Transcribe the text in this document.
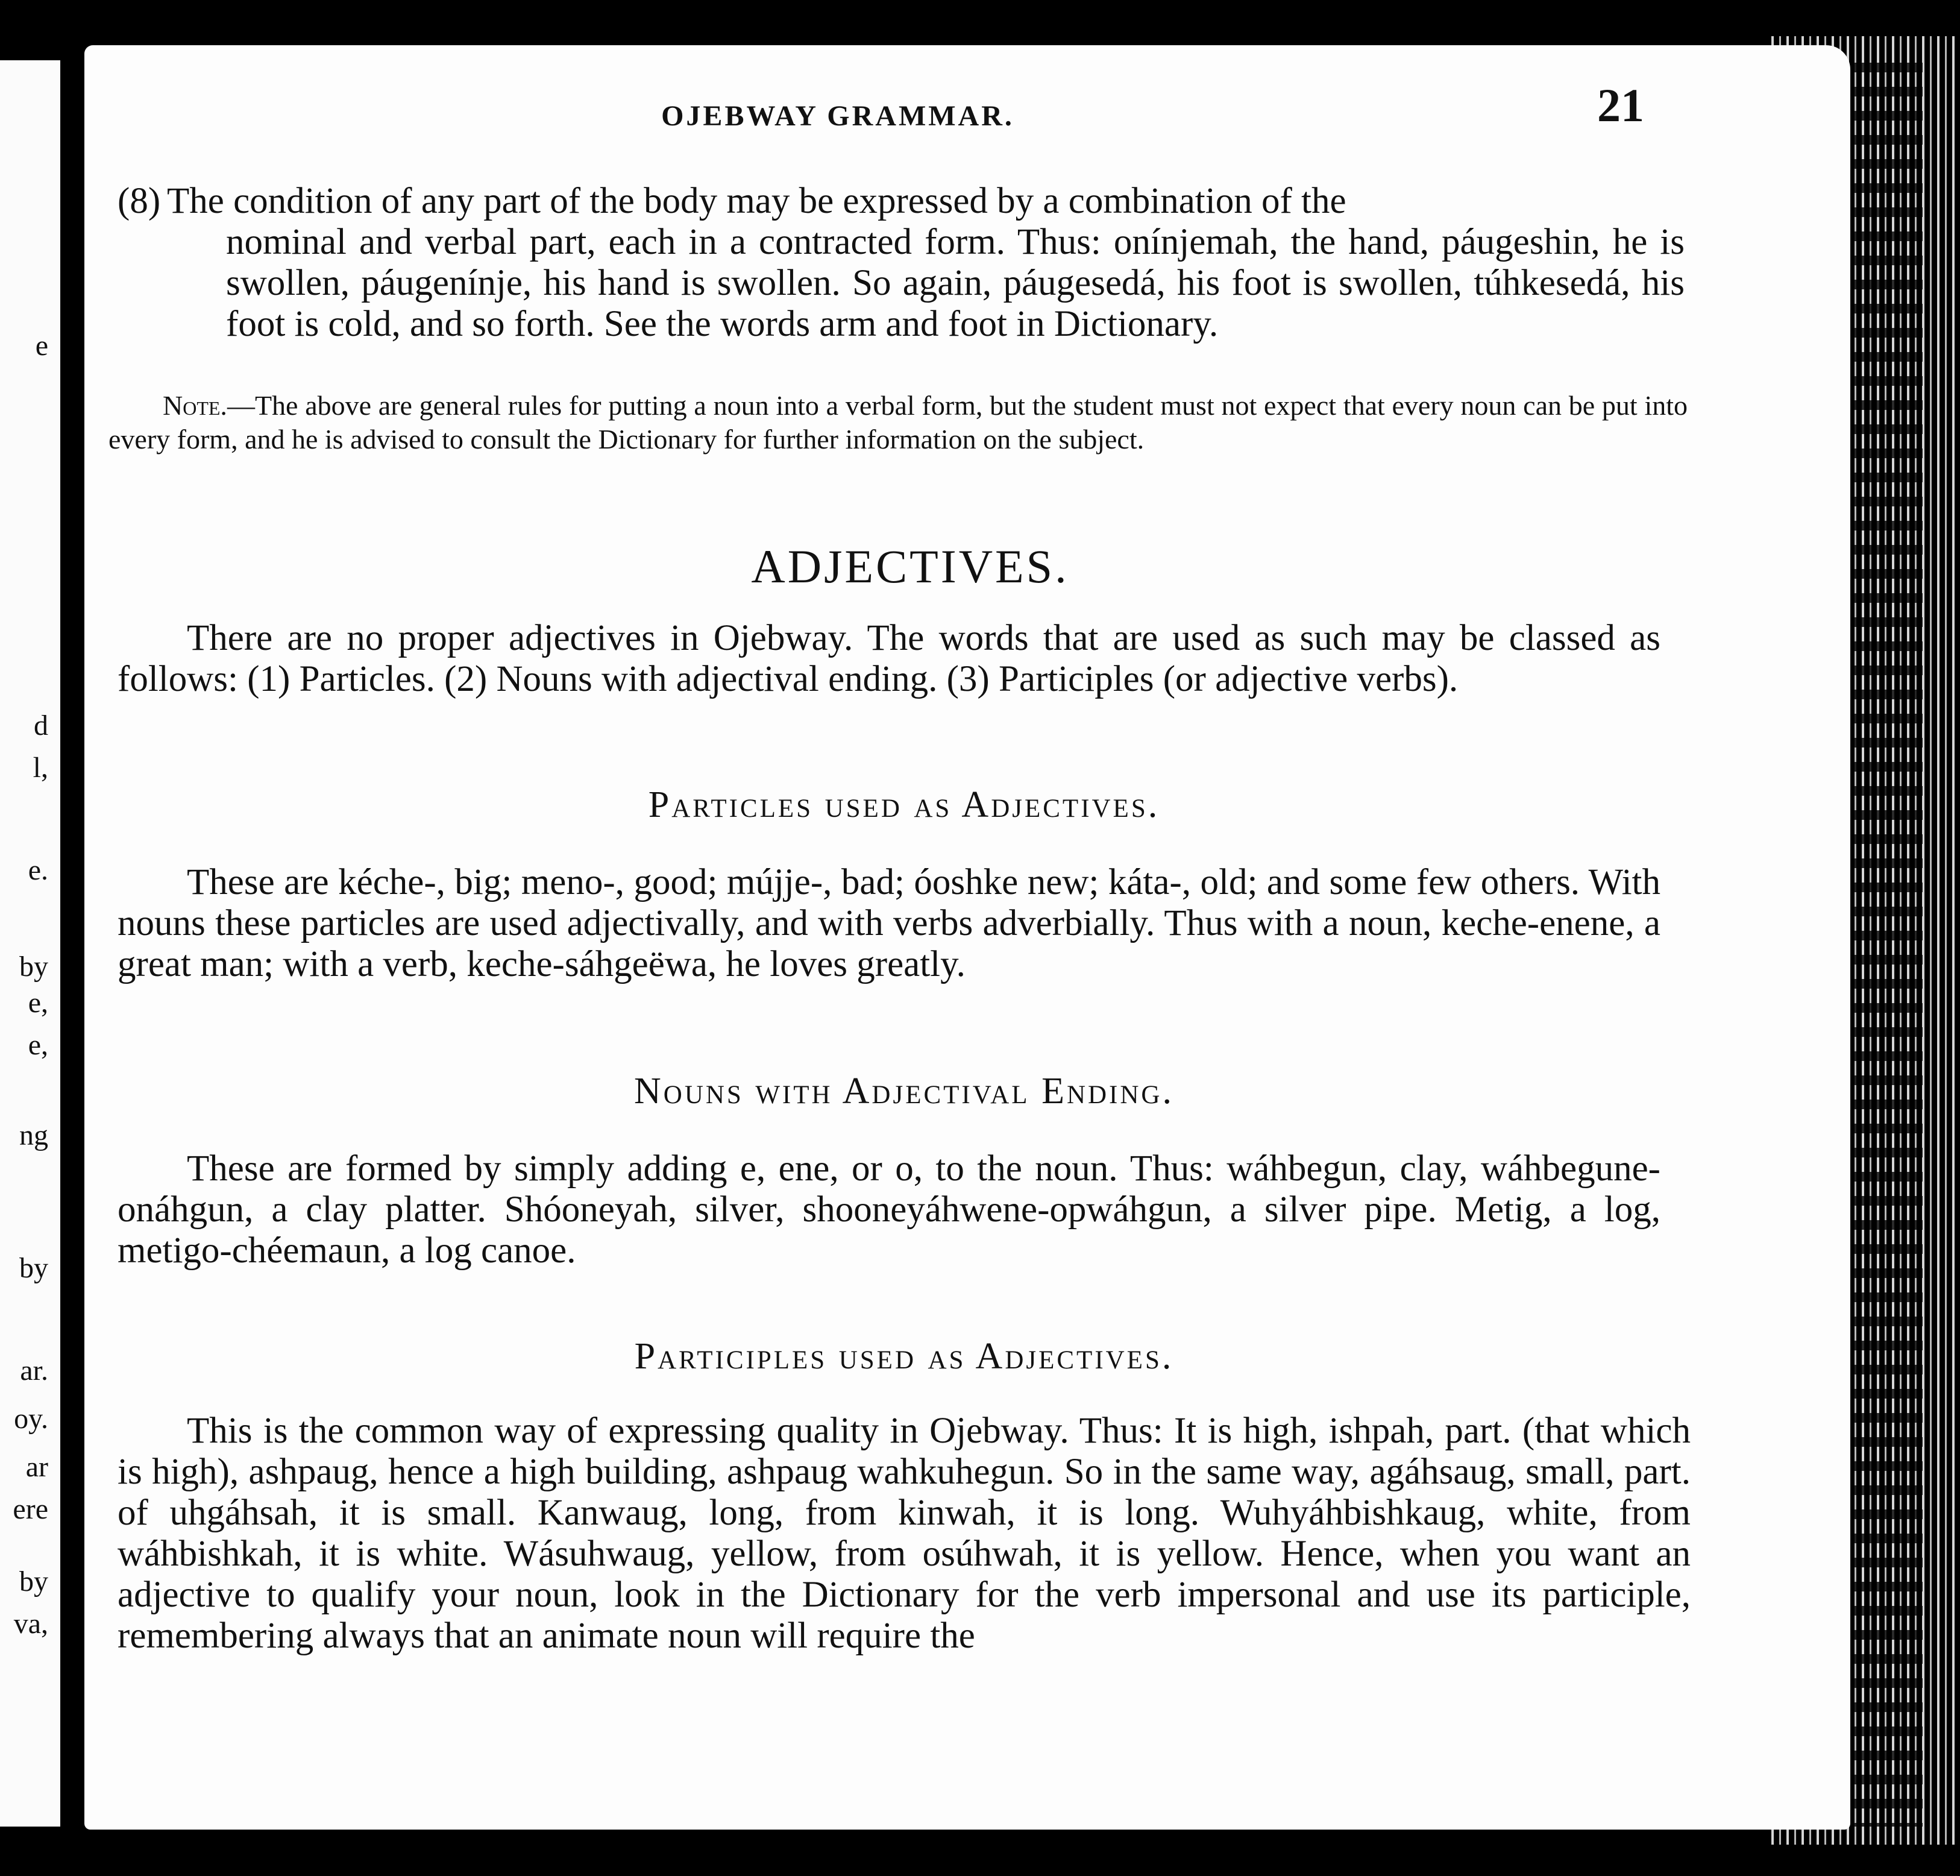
e
d
l,
e.
by
e,
e,
ng
by
ar.
oy.
ar
ere
by
va,
OJEBWAY GRAMMAR.	21
(8) The condition of any part of the body may be expressed by a combination of the
nominal and verbal part, each in a contracted form. Thus: onínjemah, the hand, páugeshin, he is swollen, páugenínje, his hand is swollen. So again, páugesedá, his foot is swollen, túhkesedá, his foot is cold, and so forth. See the words arm and foot in Dictionary.
Note.—The above are general rules for putting a noun into a verbal form, but the student must not expect that every noun can be put into every form, and he is advised to consult the Dictionary for further information on the subject.
ADJECTIVES.
There are no proper adjectives in Ojebway. The words that are used as such may be classed as follows: (1) Particles. (2) Nouns with adjectival ending. (3) Participles (or adjective verbs).
Particles used as Adjectives.
These are kéche-, big; meno-, good; múјje-, bad; óoshke new; káta-, old; and some few others. With nouns these particles are used adjectivally, and with verbs adverbially. Thus with a noun, keche-enene, a great man; with a verb, keche-sáhgeëwa, he loves greatly.
Nouns with Adjectival Ending.
These are formed by simply adding e, ene, or o, to the noun. Thus: wáhbegun, clay, wáhbegune-onáhgun, a clay platter. Shóoneyah, silver, shooneyáhwene-opwáhgun, a silver pipe. Metig, a log, metigo-chéemaun, a log canoe.
Participles used as Adjectives.
This is the common way of expressing quality in Ojebway. Thus: It is high, ishpah, part. (that which is high), ashpaug, hence a high building, ashpaug wahkuhegun. So in the same way, agáhsaug, small, part. of uhgáhsah, it is small. Kanwaug, long, from kinwah, it is long. Wuhyáhbishkaug, white, from wáhbishkah, it is white. Wásuhwaug, yellow, from osúhwah, it is yellow. Hence, when you want an adjective to qualify your noun, look in the Dictionary for the verb impersonal and use its participle, remembering always that an animate noun will require the
